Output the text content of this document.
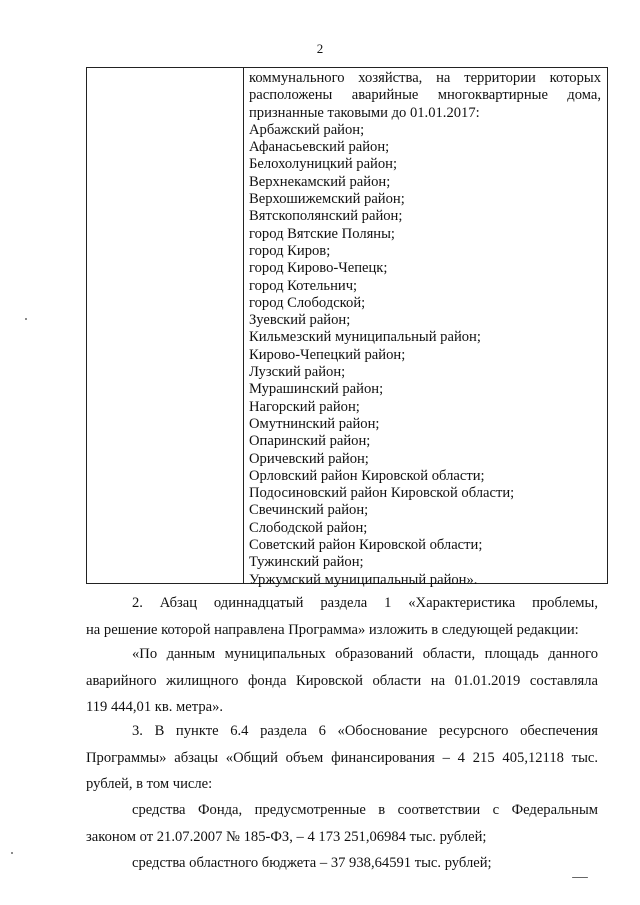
2
коммунального хозяйства, на территории которых
расположены аварийные многоквартирные дома,
признанные таковыми до 01.01.2017:
Арбажский район;
Афанасьевский район;
Белохолуницкий район;
Верхнекамский район;
Верхошижемский район;
Вятскополянский район;
город Вятские Поляны;
город Киров;
город Кирово-Чепецк;
город Котельнич;
город Слободской;
Зуевский район;
Кильмезский муниципальный район;
Кирово-Чепецкий район;
Лузский район;
Мурашинский район;
Нагорский район;
Омутнинский район;
Опаринский район;
Оричевский район;
Орловский район Кировской области;
Подосиновский район Кировской области;
Свечинский район;
Слободской район;
Советский район Кировской области;
Тужинский район;
Уржумский муниципальный район».
2. Абзац одиннадцатый раздела 1 «Характеристика проблемы,
на решение которой направлена Программа» изложить в следующей редакции:
«По данным муниципальных образований области, площадь данного
аварийного жилищного фонда Кировской области на 01.01.2019 составляла
119 444,01 кв. метра».
3. В пункте 6.4 раздела 6 «Обоснование ресурсного обеспечения
Программы» абзацы «Общий объем финансирования – 4 215 405,12118 тыс.
рублей, в том числе:
средства Фонда, предусмотренные в соответствии с Федеральным
законом от 21.07.2007 № 185-ФЗ, – 4 173 251,06984 тыс. рублей;
средства областного бюджета – 37 938,64591 тыс. рублей;
